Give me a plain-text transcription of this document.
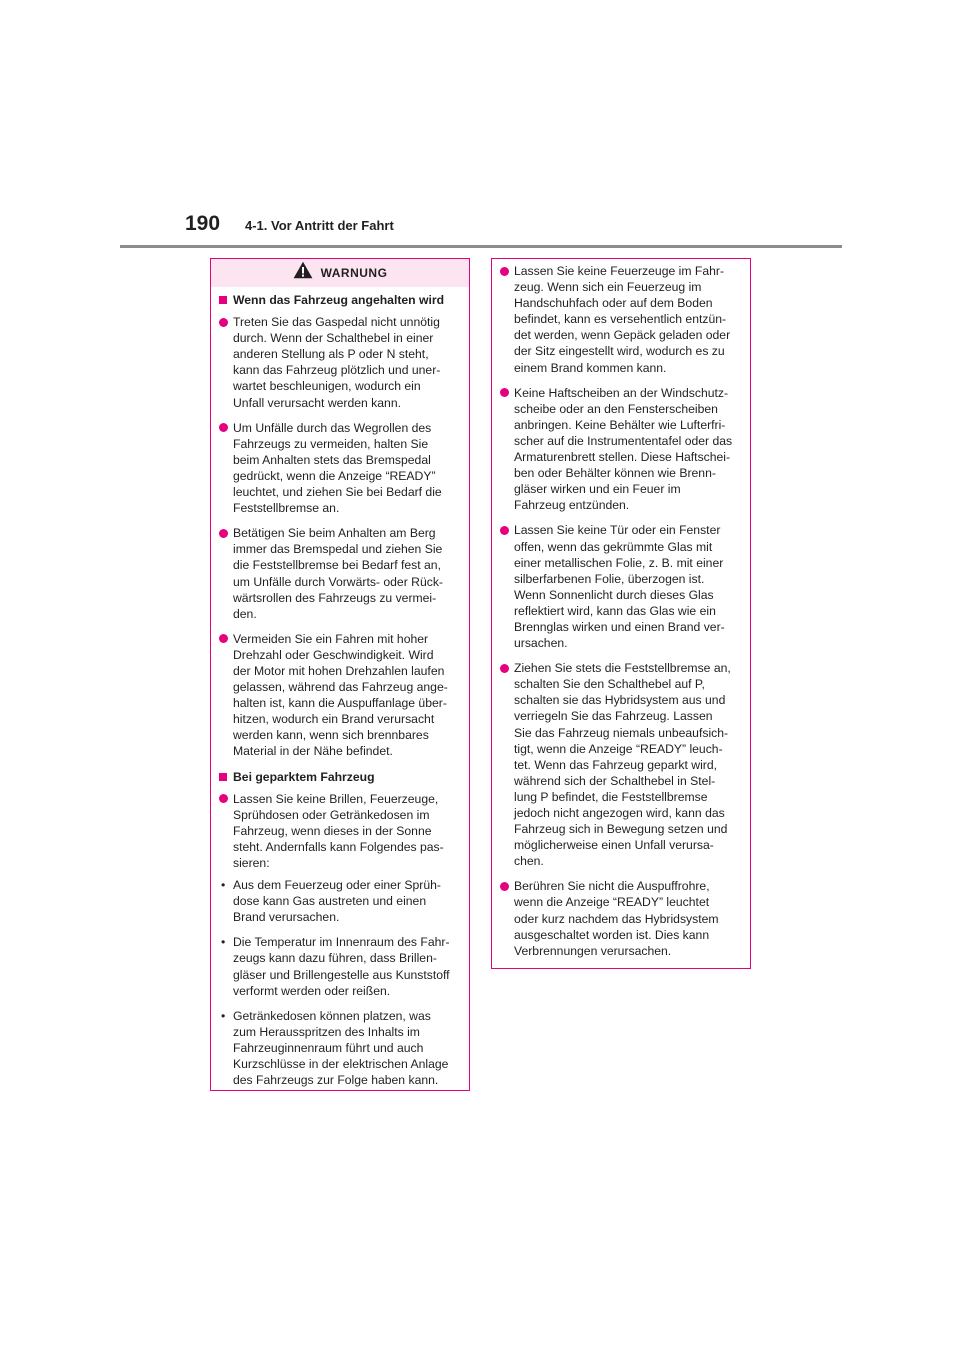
190 4-1. Vor Antritt der Fahrt
WARNUNG
Wenn das Fahrzeug angehalten wird
Treten Sie das Gaspedal nicht unnötig
durch. Wenn der Schalthebel in einer
anderen Stellung als P oder N steht,
kann das Fahrzeug plötzlich und uner-
wartet beschleunigen, wodurch ein
Unfall verursacht werden kann.
Um Unfälle durch das Wegrollen des
Fahrzeugs zu vermeiden, halten Sie
beim Anhalten stets das Bremspedal
gedrückt, wenn die Anzeige “READY”
leuchtet, und ziehen Sie bei Bedarf die
Feststellbremse an.
Betätigen Sie beim Anhalten am Berg
immer das Bremspedal und ziehen Sie
die Feststellbremse bei Bedarf fest an,
um Unfälle durch Vorwärts- oder Rück-
wärtsrollen des Fahrzeugs zu vermei-
den.
Vermeiden Sie ein Fahren mit hoher
Drehzahl oder Geschwindigkeit. Wird
der Motor mit hohen Drehzahlen laufen
gelassen, während das Fahrzeug ange-
halten ist, kann die Auspuffanlage über-
hitzen, wodurch ein Brand verursacht
werden kann, wenn sich brennbares
Material in der Nähe befindet.
Bei geparktem Fahrzeug
Lassen Sie keine Brillen, Feuerzeuge,
Sprühdosen oder Getränkedosen im
Fahrzeug, wenn dieses in der Sonne
steht. Andernfalls kann Folgendes pas-
sieren:
• Aus dem Feuerzeug oder einer Sprüh-
dose kann Gas austreten und einen
Brand verursachen.
• Die Temperatur im Innenraum des Fahr-
zeugs kann dazu führen, dass Brillen-
gläser und Brillengestelle aus Kunststoff
verformt werden oder reißen.
• Getränkedosen können platzen, was
zum Herausspritzen des Inhalts im
Fahrzeuginnenraum führt und auch
Kurzschlüsse in der elektrischen Anlage
des Fahrzeugs zur Folge haben kann.
Lassen Sie keine Feuerzeuge im Fahr-
zeug. Wenn sich ein Feuerzeug im
Handschuhfach oder auf dem Boden
befindet, kann es versehentlich entzün-
det werden, wenn Gepäck geladen oder
der Sitz eingestellt wird, wodurch es zu
einem Brand kommen kann.
Keine Haftscheiben an der Windschutz-
scheibe oder an den Fensterscheiben
anbringen. Keine Behälter wie Lufterfri-
scher auf die Instrumententafel oder das
Armaturenbrett stellen. Diese Haftschei-
ben oder Behälter können wie Brenn-
gläser wirken und ein Feuer im
Fahrzeug entzünden.
Lassen Sie keine Tür oder ein Fenster
offen, wenn das gekrümmte Glas mit
einer metallischen Folie, z. B. mit einer
silberfarbenen Folie, überzogen ist.
Wenn Sonnenlicht durch dieses Glas
reflektiert wird, kann das Glas wie ein
Brennglas wirken und einen Brand ver-
ursachen.
Ziehen Sie stets die Feststellbremse an,
schalten Sie den Schalthebel auf P,
schalten sie das Hybridsystem aus und
verriegeln Sie das Fahrzeug. Lassen
Sie das Fahrzeug niemals unbeaufsich-
tigt, wenn die Anzeige “READY” leuch-
tet. Wenn das Fahrzeug geparkt wird,
während sich der Schalthebel in Stel-
lung P befindet, die Feststellbremse
jedoch nicht angezogen wird, kann das
Fahrzeug sich in Bewegung setzen und
möglicherweise einen Unfall verursa-
chen.
Berühren Sie nicht die Auspuffrohre,
wenn die Anzeige “READY” leuchtet
oder kurz nachdem das Hybridsystem
ausgeschaltet worden ist. Dies kann
Verbrennungen verursachen.
